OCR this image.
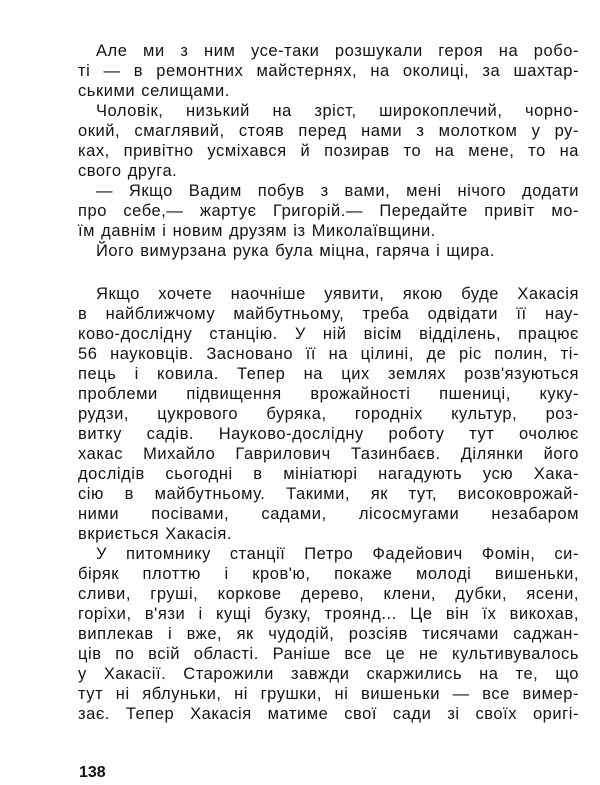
Але ми з ним усе-таки розшукали героя на робо-
ті — в ремонтних майстернях, на околиці, за шахтар-
ськими селищами.
Чоловік, низький на зріст, широкоплечий, чорно-
окий, смаглявий, стояв перед нами з молотком у ру-
ках, привітно усміхався й позирав то на мене, то на
свого друга.
— Якщо Вадим побув з вами, мені нічого додати
про себе,— жартує Григорій.— Передайте привіт мо-
їм давнім і новим друзям із Миколаївщини.
Його вимурзана рука була міцна, гаряча і щира.
Якщо хочете наочніше уявити, якою буде Хакасія
в найближчому майбутньому, треба одвідати її нау-
ково-дослідну станцію. У ній вісім відділень, працює
56 науковців. Засновано її на цілині, де ріс полин, ті-
пець і ковила. Тепер на цих землях розв'язуються
проблеми підвищення врожайності пшениці, куку-
рудзи, цукрового буряка, городніх культур, роз-
витку садів. Науково-дослідну роботу тут очолює
хакас Михайло Гаврилович Тазинбаєв. Ділянки його
дослідів сьогодні в мініатюрі нагадують усю Хака-
сію в майбутньому. Такими, як тут, високоврожай-
ними посівами, садами, лісосмугами незабаром
вкриється Хакасія.
У питомнику станції Петро Фадейович Фомін, си-
біряк плоттю і кров'ю, покаже молоді вишеньки,
сливи, груші, коркове дерево, клени, дубки, ясени,
горіхи, в'язи і кущі бузку, троянд... Це він їх викохав,
виплекав і вже, як чудодій, розсіяв тисячами саджан-
ців по всій області. Раніше все це не культивувалось
у Хакасії. Старожили завжди скаржились на те, що
тут ні яблуньки, ні грушки, ні вишеньки — все вимер-
зає. Тепер Хакасія матиме свої сади зі своїх оригі-
138
